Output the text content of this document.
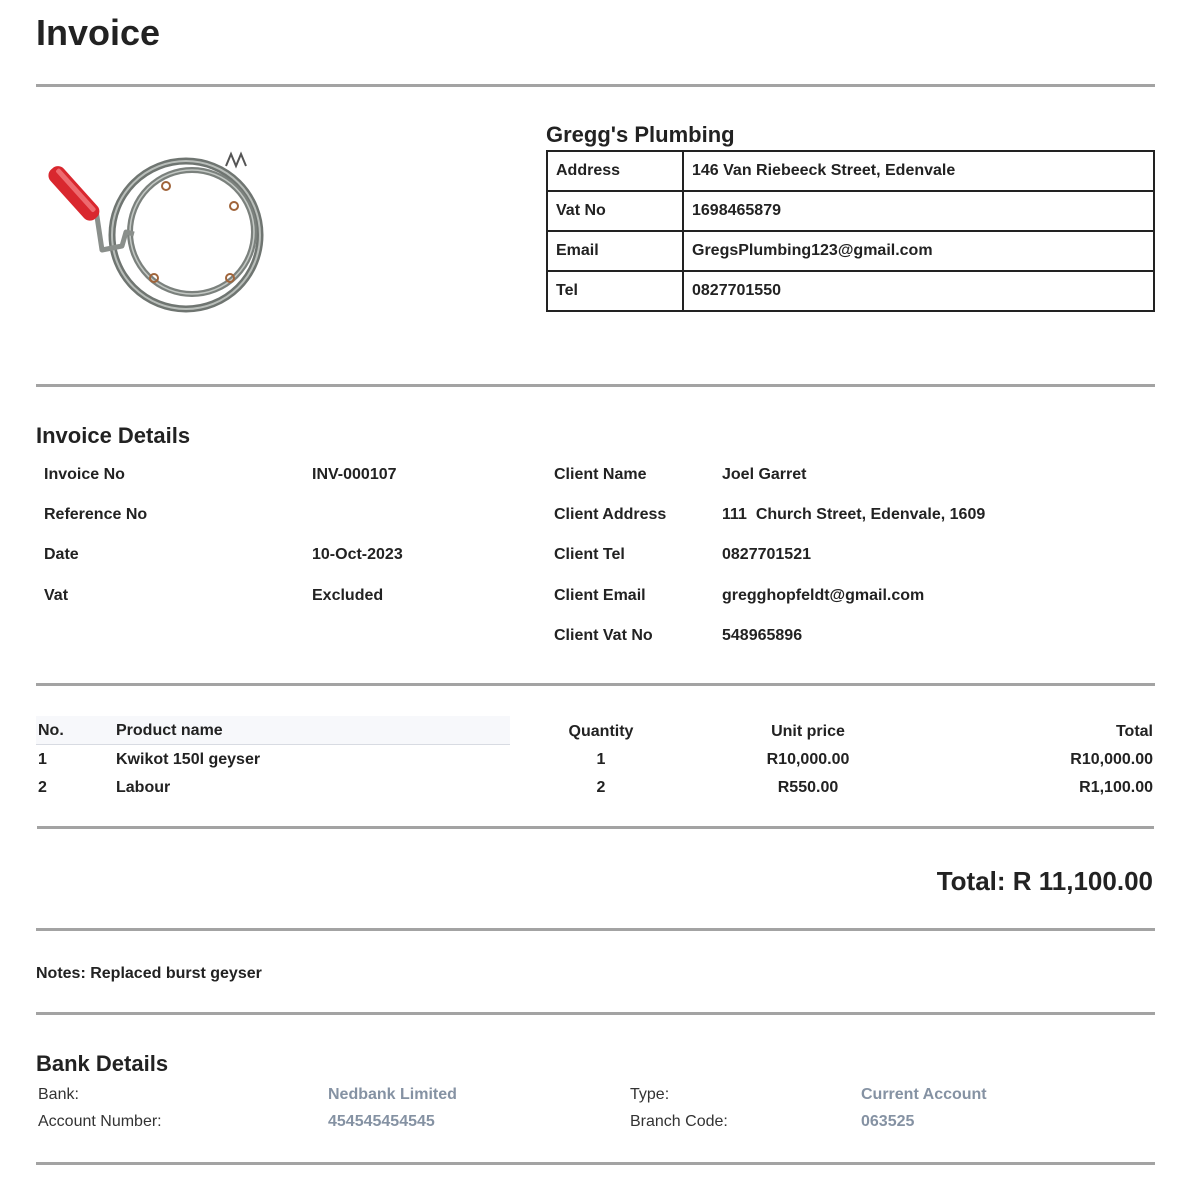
Invoice
Gregg's Plumbing
Address	146 Van Riebeeck Street, Edenvale
Vat No	1698465879
Email	GregsPlumbing123@gmail.com
Tel	0827701550
Invoice Details
Invoice No	INV-000107
Reference No
Date	10-Oct-2023
Vat	Excluded
Client Name	Joel Garret
Client Address	111  Church Street, Edenvale, 1609
Client Tel	0827701521
Client Email	gregghopfeldt@gmail.com
Client Vat No	548965896
No.	Product name	Quantity	Unit price	Total
1	Kwikot 150l geyser	1	R10,000.00	R10,000.00
2	Labour	2	R550.00	R1,100.00
Total: R 11,100.00
Notes: Replaced burst geyser
Bank Details
Bank:	Nedbank Limited	Type:	Current Account
Account Number:	454545454545	Branch Code:	063525
